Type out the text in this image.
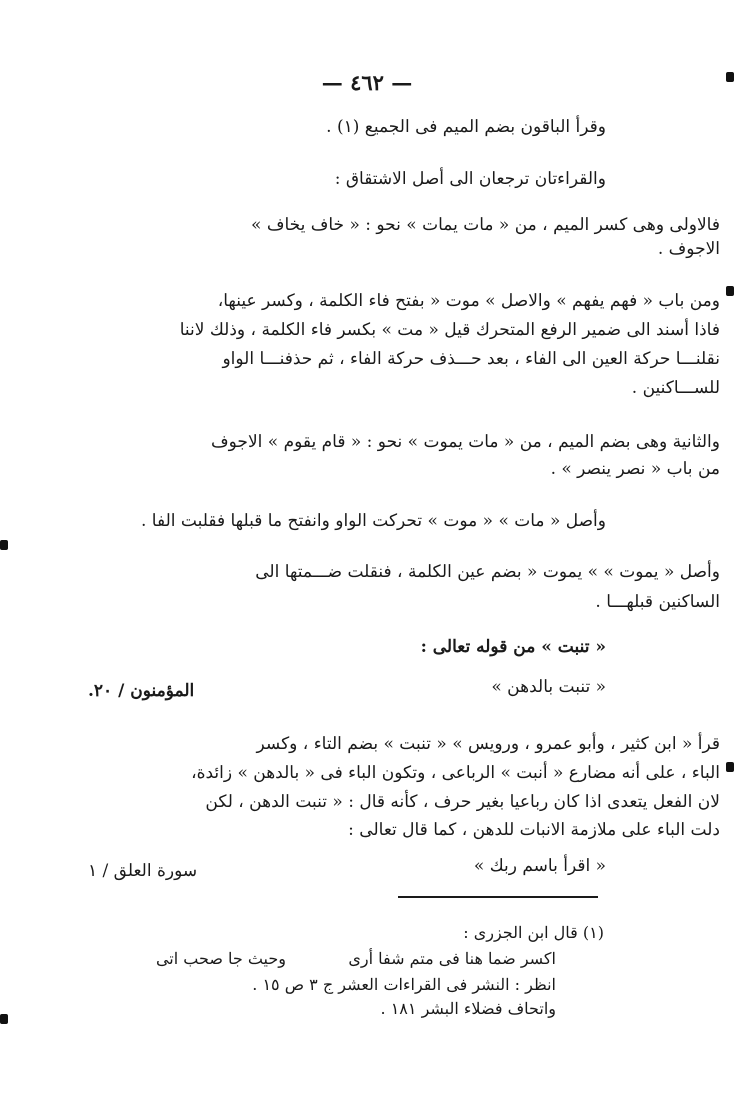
— ٤٦٢ —
وقرأ الباقون بضم الميم فى الجميع (١) .
والقراءتان ترجعان الى أصل الاشتقاق :
فالاولى وهى كسر الميم ، من « مات يمات » نحو : « خاف يخاف »
الاجوف .
ومن باب « فهم يفهم » والاصل » موت « بفتح فاء الكلمة ، وكسر عينها،
فاذا أسند الى ضمير الرفع المتحرك قيل « مت » بكسر فاء الكلمة ، وذلك لاننا
نقلنـــا حركة العين الى الفاء ، بعد حـــذف حركة الفاء ، ثم حذفنـــا الواو
للســـاكنين .
والثانية وهى بضم الميم ، من « مات يموت » نحو : « قام يقوم » الاجوف
من باب « نصر ينصر » .
وأصل « مات » « موت » تحركت الواو وانفتح ما قبلها فقلبت الفا .
وأصل « يموت » » يموت « بضم عين الكلمة ، فنقلت ضـــمتها الى
الساكنين قبلهـــا .
« تنبت » من قوله تعالى :
« تنبت بالدهن »
المؤمنون / ٢٠.
قرأ « ابن كثير ، وأبو عمرو ، ورويس » « تنبت » بضم التاء ، وكسر
الباء ، على أنه مضارع « أنبت » الرباعى ، وتكون الباء فى « بالدهن » زائدة،
لان الفعل يتعدى اذا كان رباعيا بغير حرف ، كأنه قال : « تنبت الدهن ، لكن
دلت الباء على ملازمة الانبات للدهن ، كما قال تعالى :
« اقرأ باسم ربك »
سورة العلق / ١
(١) قال ابن الجزرى :
اكسر ضما هنا فى متم شفا أرى
وحيث جا صحب اتى
انظر : النشر فى القراءات العشر ج ٣ ص ١٥ .
واتحاف فضلاء البشر ١٨١ .
